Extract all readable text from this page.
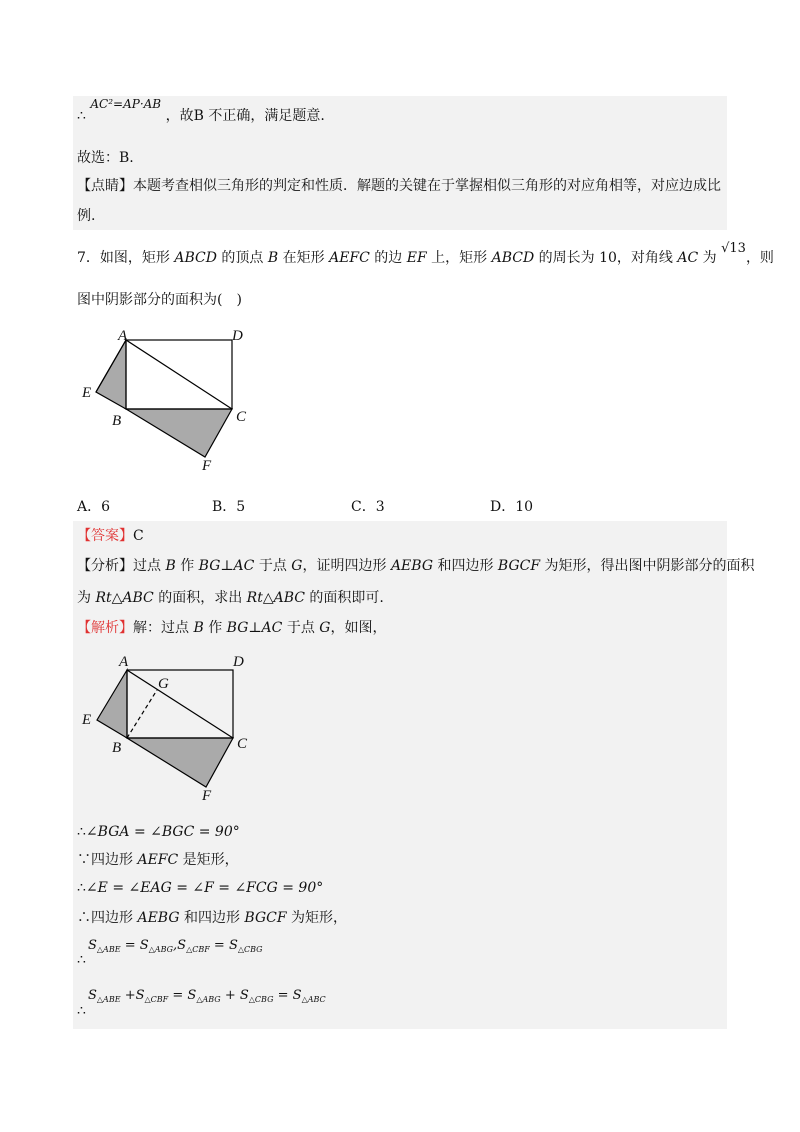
∴ AC²=AP·AB ，故B 不正确，满足题意.
故选：B.
【点睛】本题考查相似三角形的判定和性质．解题的关键在于掌握相似三角形的对应角相等，对应边成比
例.
7．如图，矩形 ABCD 的顶点 B 在矩形 AEFC 的边 EF 上，矩形 ABCD 的周长为 10，对角线 AC 为 √13，则
图中阴影部分的面积为(　)
A	D
E
B	C
F
A．6	B．5	C．3	D．10
【答案】C
【分析】过点 B 作 BG⊥AC 于点 G，证明四边形 AEBG 和四边形 BGCF 为矩形，得出图中阴影部分的面积
为 Rt△ABC 的面积，求出 Rt△ABC 的面积即可.
【解析】解：过点 B 作 BG⊥AC 于点 G，如图，
A	D
G
E
B	C
F
∴∠BGA = ∠BGC = 90°
∵四边形 AEFC 是矩形，
∴∠E = ∠EAG = ∠F = ∠FCG = 90°
∴四边形 AEBG 和四边形 BGCF 为矩形，
$S_{\triangle ABE} = S_{\triangle ABG},S_{\triangle CBF} = S_{\triangle CBG}$
∴
$S_{\triangle ABE} +S_{\triangle CBF} = S_{\triangle ABG} + S_{\triangle CBG} = S_{\triangle ABC}$
∴
